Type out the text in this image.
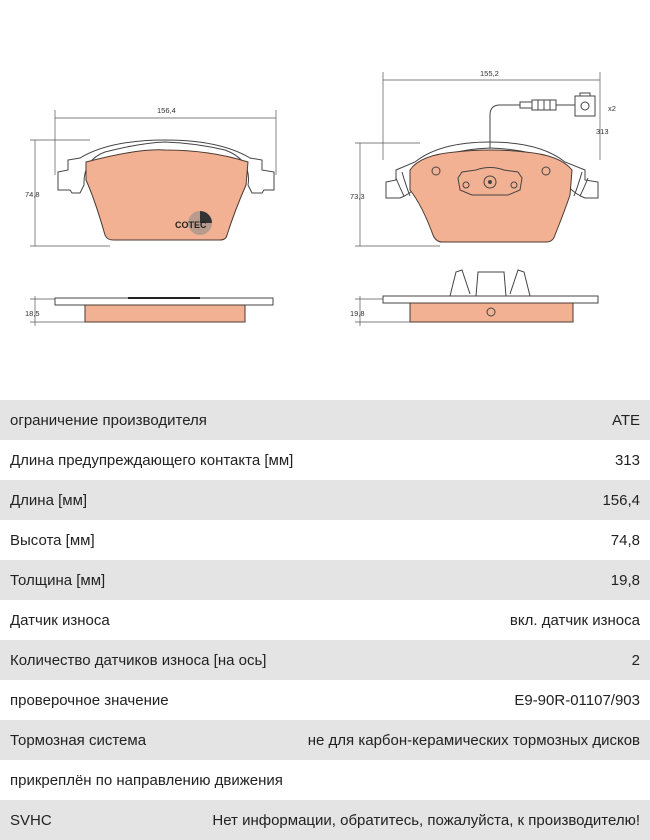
156,4
74,8
COTEC
18,5
155,2
73,3
x2
313
19,8
ограничение производителя	ATE
Длина предупреждающего контакта [мм]	313
Длина [мм]	156,4
Высота [мм]	74,8
Толщина [мм]	19,8
Датчик износа	вкл. датчик износа
Количество датчиков износа [на ось]	2
проверочное значение	E9-90R-01107/903
Тормозная система	не для карбон-керамических тормозных дисков
прикреплён по направлению движения
SVHC	Нет информации, обратитесь, пожалуйста, к производителю!
